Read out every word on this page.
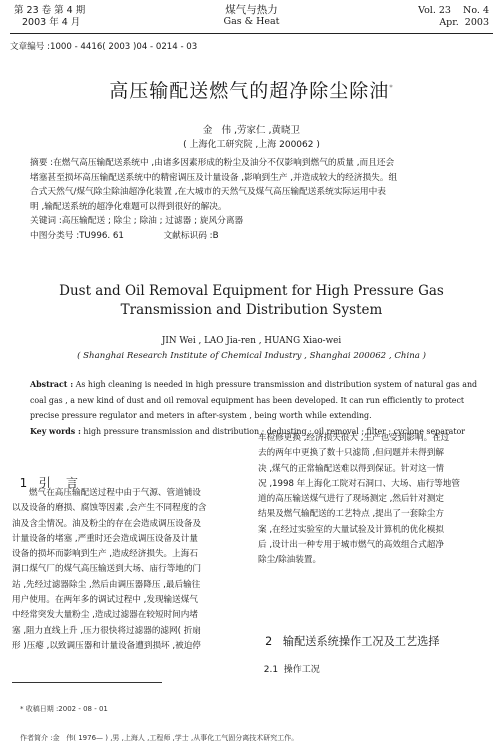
第 23 卷 第 4 期
2003 年 4 月
煤气与热力
Gas & Heat
Vol. 23    No. 4
Apr.  2003
文章编号 :1000 - 4416( 2003 )04 - 0214 - 03
高压输配送燃气的超净除尘除油*
金   伟 ,劳家仁 ,黄晓卫
( 上海化工研究院 ,上海 200062 )
摘要 :在燃气高压输配送系统中 ,由诸多因素形成的粉尘及油分不仅影响到燃气的质量 ,而且还会
堵塞甚至损坏高压输配送系统中的精密调压及计量设备 ,影响到生产 ,并造成较大的经济损失。组
合式天然气/煤气除尘除油超净化装置 ,在大城市的天然气及煤气高压输配送系统实际运用中表
明 ,输配送系统的超净化难题可以得到很好的解决。
关键词 :高压输配送 ; 除尘 ; 除油 ; 过滤器 ; 旋风分离器
中图分类号 :TU996. 61	文献标识码 :B
Dust and Oil Removal Equipment for High Pressure Gas
Transmission and Distribution System
JIN Wei , LAO Jia-ren , HUANG Xiao-wei
( Shanghai Research Institute of Chemical Industry , Shanghai 200062 , China )
Abstract : As high cleaning is needed in high pressure transmission and distribution system of natural gas and
coal gas , a new kind of dust and oil removal equipment has been developed. It can run efficiently to protect
precise pressure regulator and meters in after-system , being worth while extending.
Key words : high pressure transmission and distribution ; dedusting ; oil removal ; filter ; cyclone separator

1 引    言

燃气在高压输配送过程中由于气源、管道铺设
以及设备的磨损、腐蚀等因素 ,会产生不同程度的含
油及含尘情况。油及粉尘的存在会造成调压设备及
计量设备的堵塞 ,严重时还会造成调压设备及计量
设备的损坏而影响到生产 ,造成经济损失。上海石
洞口煤气厂的煤气高压输送到大场、庙行等地的门
站 ,先经过滤器除尘 ,然后由调压器降压 ,最后输往
用户使用。在两年多的调试过程中 ,发现输送煤气
中经常突发大量粉尘 ,造成过滤器在较短时间内堵
塞 ,阻力直线上升 ,压力很快将过滤器的滤网( 折扇
形 )压瘪 ,以致调压器和计量设备遭到损坏 ,被迫停
车检修更换 ,经济损失很大 ,生产也受到影响。在过
去的两年中更换了数十只滤筒 ,但问题并未得到解
决 ,煤气的正常输配送难以得到保证。针对这一情
况 ,1998 年上海化工院对石洞口、大场、庙行等地管
道的高压输送煤气进行了现场测定 ,然后针对测定
结果及燃气输配送的工艺特点 ,提出了一套除尘方
案 ,在经过实验室的大量试验及计算机的优化模拟
后 ,设计出一种专用于城市燃气的高效组合式超净
除尘/除油装置。

2 输配送系统操作工况及工艺选择

2.1 操作工况

* 收稿日期 :2002 - 08 - 01

作者简介 :金   伟( 1976— ) ,男 ,上海人 ,工程师 ,学士 ,从事化工气固分离技术研究工作。
